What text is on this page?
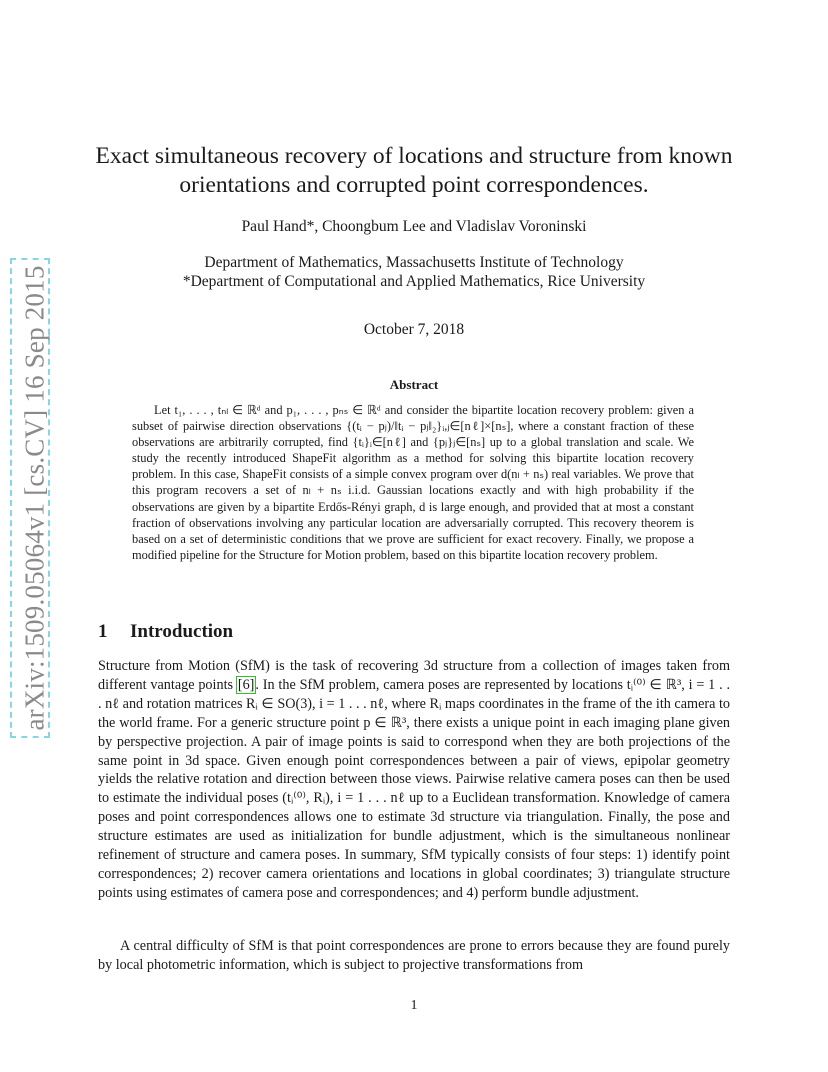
arXiv:1509.05064v1 [cs.CV] 16 Sep 2015
Exact simultaneous recovery of locations and structure from known orientations and corrupted point correspondences.
Paul Hand*, Choongbum Lee and Vladislav Voroninski
Department of Mathematics, Massachusetts Institute of Technology
*Department of Computational and Applied Mathematics, Rice University
October 7, 2018
Abstract
Let t₁, . . . , tₙₗ ∈ ℝᵈ and p₁, . . . , pₙₛ ∈ ℝᵈ and consider the bipartite location recovery problem: given a subset of pairwise direction observations {(tᵢ − pⱼ)/‖tᵢ − pⱼ‖₂}ᵢ,ⱼ∈[nℓ]×[nₛ], where a constant fraction of these observations are arbitrarily corrupted, find {tᵢ}ᵢ∈[nℓ] and {pⱼ}ⱼ∈[nₛ] up to a global translation and scale. We study the recently introduced ShapeFit algorithm as a method for solving this bipartite location recovery problem. In this case, ShapeFit consists of a simple convex program over d(nₗ + nₛ) real variables. We prove that this program recovers a set of nₗ + nₛ i.i.d. Gaussian locations exactly and with high probability if the observations are given by a bipartite Erdős-Rényi graph, d is large enough, and provided that at most a constant fraction of observations involving any particular location are adversarially corrupted. This recovery theorem is based on a set of deterministic conditions that we prove are sufficient for exact recovery. Finally, we propose a modified pipeline for the Structure for Motion problem, based on this bipartite location recovery problem.
1 Introduction
Structure from Motion (SfM) is the task of recovering 3d structure from a collection of images taken from different vantage points [6]. In the SfM problem, camera poses are represented by locations tᵢ⁽⁰⁾ ∈ ℝ³, i = 1 . . . nℓ and rotation matrices Rᵢ ∈ SO(3), i = 1 . . . nℓ, where Rᵢ maps coordinates in the frame of the ith camera to the world frame. For a generic structure point p ∈ ℝ³, there exists a unique point in each imaging plane given by perspective projection. A pair of image points is said to correspond when they are both projections of the same point in 3d space. Given enough point correspondences between a pair of views, epipolar geometry yields the relative rotation and direction between those views. Pairwise relative camera poses can then be used to estimate the individual poses (tᵢ⁽⁰⁾, Rᵢ), i = 1 . . . nℓ up to a Euclidean transformation. Knowledge of camera poses and point correspondences allows one to estimate 3d structure via triangulation. Finally, the pose and structure estimates are used as initialization for bundle adjustment, which is the simultaneous nonlinear refinement of structure and camera poses. In summary, SfM typically consists of four steps: 1) identify point correspondences; 2) recover camera orientations and locations in global coordinates; 3) triangulate structure points using estimates of camera pose and correspondences; and 4) perform bundle adjustment.
A central difficulty of SfM is that point correspondences are prone to errors because they are found purely by local photometric information, which is subject to projective transformations from
1
